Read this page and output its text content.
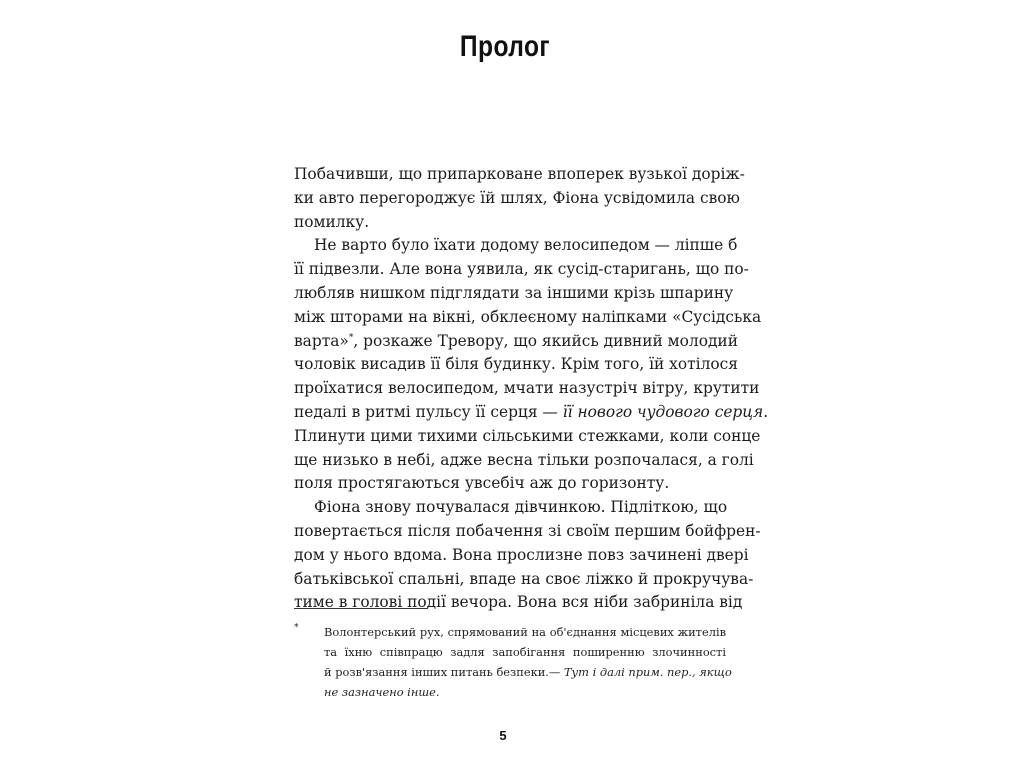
Пролог

Побачивши, що припарковане впоперек вузької доріж-
ки авто перегороджує їй шлях, Фіона усвідомила свою
помилку.

Не варто було їхати додому велосипедом — ліпше б
її підвезли. Але вона уявила, як сусід-старигань, що по-
любляв нишком підглядати за іншими крізь шпарину
між шторами на вікні, обклеєному наліпками «Сусідська
варта»*, розкаже Тревору, що якийсь дивний молодий
чоловік висадив її біля будинку. Крім того, їй хотілося
проїхатися велосипедом, мчати назустріч вітру, крутити
педалі в ритмі пульсу її серця — її нового чудового серця.
Плинути цими тихими сільськими стежками, коли сонце
ще низько в небі, адже весна тільки розпочалася, а голі
поля простягаються увсебіч аж до горизонту.

Фіона знову почувалася дівчинкою. Підліткою, що
повертається після побачення зі своїм першим бойфрен-
дом у нього вдома. Вона прослизне повз зачинені двері
батьківської спальні, впаде на своє ліжко й прокручува-
тиме в голові події вечора. Вона вся ніби забриніла від

* Волонтерський рух, спрямований на об'єднання місцевих жителів
та їхню співпрацю задля запобігання поширенню злочинності
й розв'язання інших питань безпеки.— Тут і далі прим. пер., якщо
не зазначено інше.
5
